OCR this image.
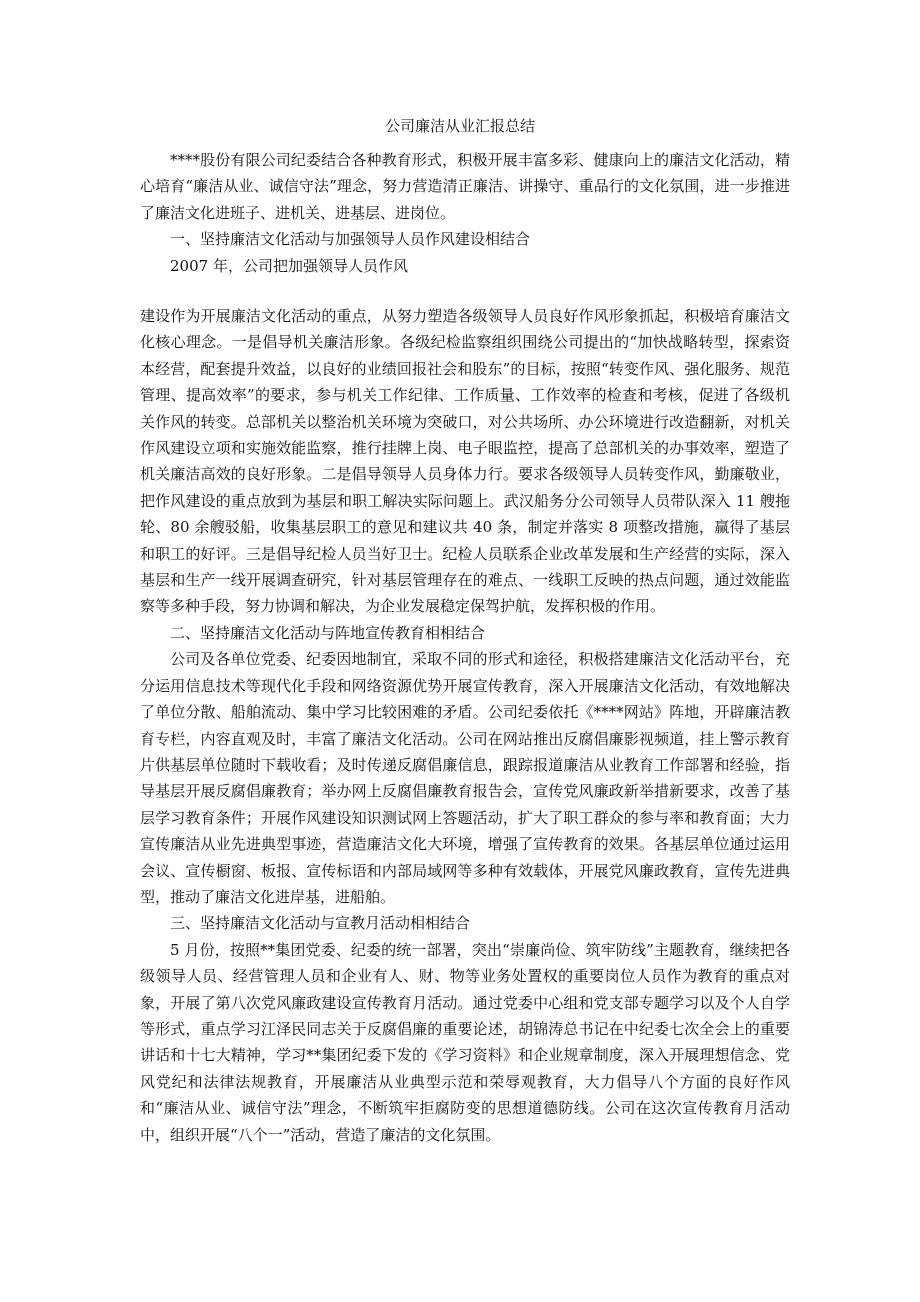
公司廉洁从业汇报总结

****股份有限公司纪委结合各种教育形式，积极开展丰富多彩、健康向上的廉洁文化活动，精心培育“廉洁从业、诚信守法”理念，努力营造清正廉洁、讲操守、重品行的文化氛围，进一步推进了廉洁文化进班子、进机关、进基层、进岗位。

一、坚持廉洁文化活动与加强领导人员作风建设相结合

2007 年，公司把加强领导人员作风

建设作为开展廉洁文化活动的重点，从努力塑造各级领导人员良好作风形象抓起，积极培育廉洁文化核心理念。一是倡导机关廉洁形象。各级纪检监察组织围绕公司提出的“加快战略转型，探索资本经营，配套提升效益，以良好的业绩回报社会和股东”的目标，按照“转变作风、强化服务、规范管理、提高效率”的要求，参与机关工作纪律、工作质量、工作效率的检查和考核，促进了各级机关作风的转变。总部机关以整治机关环境为突破口，对公共场所、办公环境进行改造翻新，对机关作风建设立项和实施效能监察，推行挂牌上岗、电子眼监控，提高了总部机关的办事效率，塑造了机关廉洁高效的良好形象。二是倡导领导人员身体力行。要求各级领导人员转变作风，勤廉敬业，把作风建设的重点放到为基层和职工解决实际问题上。武汉船务分公司领导人员带队深入 11 艘拖轮、80 余艘驳船，收集基层职工的意见和建议共 40 条，制定并落实 8 项整改措施，赢得了基层和职工的好评。三是倡导纪检人员当好卫士。纪检人员联系企业改革发展和生产经营的实际，深入基层和生产一线开展调查研究，针对基层管理存在的难点、一线职工反映的热点问题，通过效能监察等多种手段，努力协调和解决，为企业发展稳定保驾护航，发挥积极的作用。

二、坚持廉洁文化活动与阵地宣传教育相相结合

公司及各单位党委、纪委因地制宜，采取不同的形式和途径，积极搭建廉洁文化活动平台，充分运用信息技术等现代化手段和网络资源优势开展宣传教育，深入开展廉洁文化活动，有效地解决了单位分散、船舶流动、集中学习比较困难的矛盾。公司纪委依托《****网站》阵地，开辟廉洁教育专栏，内容直观及时，丰富了廉洁文化活动。公司在网站推出反腐倡廉影视频道，挂上警示教育片供基层单位随时下载收看；及时传递反腐倡廉信息，跟踪报道廉洁从业教育工作部署和经验，指导基层开展反腐倡廉教育；举办网上反腐倡廉教育报告会，宣传党风廉政新举措新要求，改善了基层学习教育条件；开展作风建设知识测试网上答题活动，扩大了职工群众的参与率和教育面；大力宣传廉洁从业先进典型事迹，营造廉洁文化大环境，增强了宣传教育的效果。各基层单位通过运用会议、宣传橱窗、板报、宣传标语和内部局域网等多种有效载体，开展党风廉政教育，宣传先进典型，推动了廉洁文化进岸基，进船舶。

三、坚持廉洁文化活动与宣教月活动相相结合

5 月份，按照**集团党委、纪委的统一部署，突出“崇廉尚俭、筑牢防线”主题教育，继续把各级领导人员、经营管理人员和企业有人、财、物等业务处置权的重要岗位人员作为教育的重点对象，开展了第八次党风廉政建设宣传教育月活动。通过党委中心组和党支部专题学习以及个人自学等形式，重点学习江泽民同志关于反腐倡廉的重要论述，胡锦涛总书记在中纪委七次全会上的重要讲话和十七大精神，学习**集团纪委下发的《学习资料》和企业规章制度，深入开展理想信念、党风党纪和法律法规教育，开展廉洁从业典型示范和荣辱观教育，大力倡导八个方面的良好作风和“廉洁从业、诚信守法”理念，不断筑牢拒腐防变的思想道德防线。公司在这次宣传教育月活动中，组织开展“八个一”活动，营造了廉洁的文化氛围。
